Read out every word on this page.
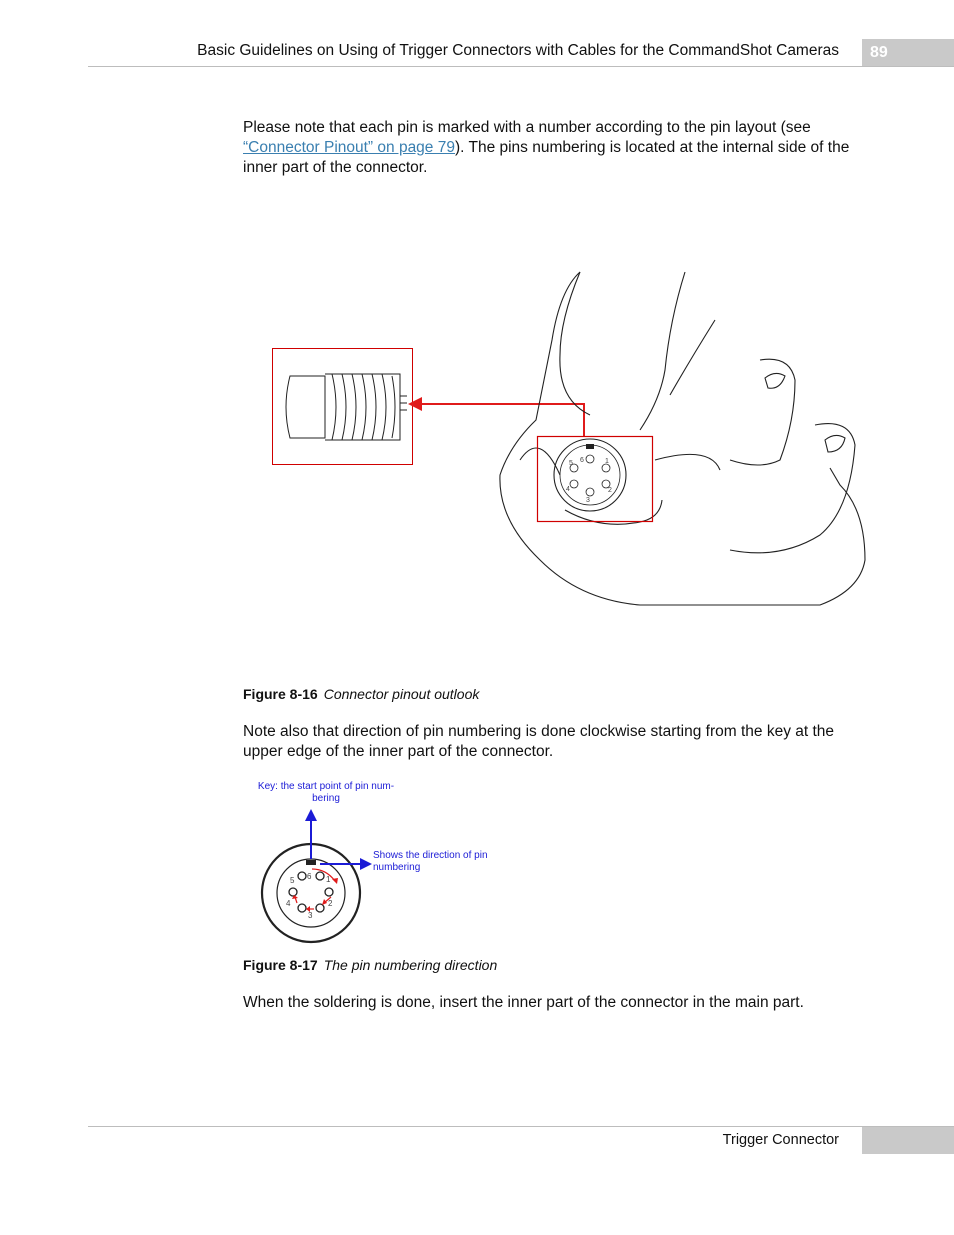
Basic Guidelines on Using of Trigger Connectors with Cables for the CommandShot Cameras	89

Please note that each pin is marked with a number according to the pin layout (see “Connector Pinout” on page 79). The pins numbering is located at the internal side of the inner part of the connector.

6	1
2
3
4
5
Figure 8-16 Connector pinout outlook

Note also that direction of pin numbering is done clockwise starting from the key at the upper edge of the inner part of the connector.

Key: the start point of pin num-
bering
Shows the direction of pin
numbering
6 1
2
3
4
5
Figure 8-17 The pin numbering direction

When the soldering is done, insert the inner part of the connector in the main part.

Trigger Connector
